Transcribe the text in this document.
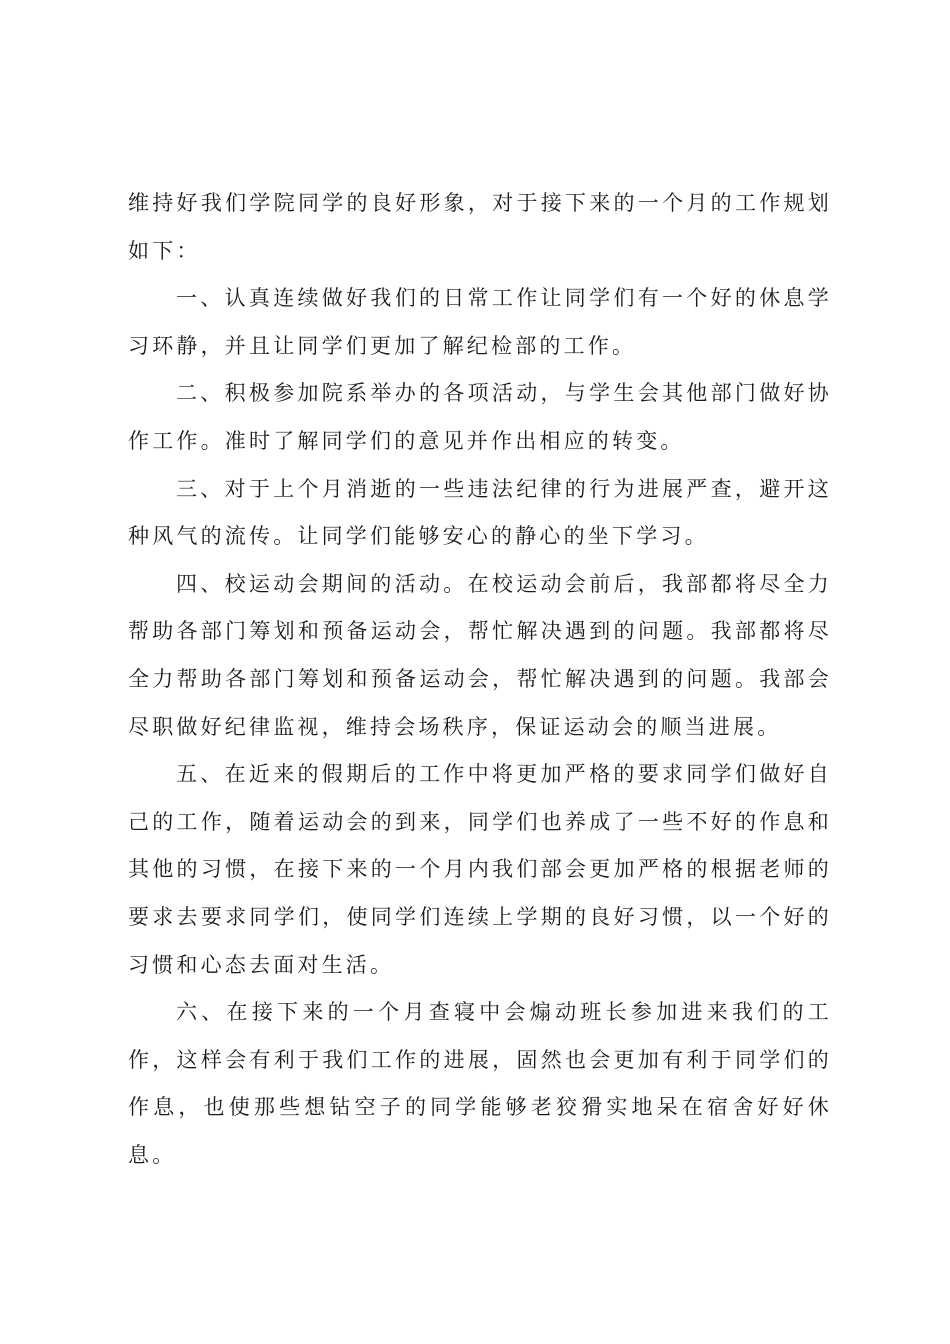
维持好我们学院同学的良好形象，对于接下来的一个月的工作规划如下：

一、认真连续做好我们的日常工作让同学们有一个好的休息学习环静，并且让同学们更加了解纪检部的工作。

二、积极参加院系举办的各项活动，与学生会其他部门做好协作工作。准时了解同学们的意见并作出相应的转变。

三、对于上个月消逝的一些违法纪律的行为进展严查，避开这种风气的流传。让同学们能够安心的静心的坐下学习。

四、校运动会期间的活动。在校运动会前后，我部都将尽全力帮助各部门筹划和预备运动会，帮忙解决遇到的问题。我部都将尽全力帮助各部门筹划和预备运动会，帮忙解决遇到的问题。我部会尽职做好纪律监视，维持会场秩序，保证运动会的顺当进展。

五、在近来的假期后的工作中将更加严格的要求同学们做好自己的工作，随着运动会的到来，同学们也养成了一些不好的作息和其他的习惯，在接下来的一个月内我们部会更加严格的根据老师的要求去要求同学们，使同学们连续上学期的良好习惯，以一个好的习惯和心态去面对生活。

六、在接下来的一个月查寝中会煽动班长参加进来我们的工作，这样会有利于我们工作的进展，固然也会更加有利于同学们的作息，也使那些想钻空子的同学能够老狡猾实地呆在宿舍好好休息。
